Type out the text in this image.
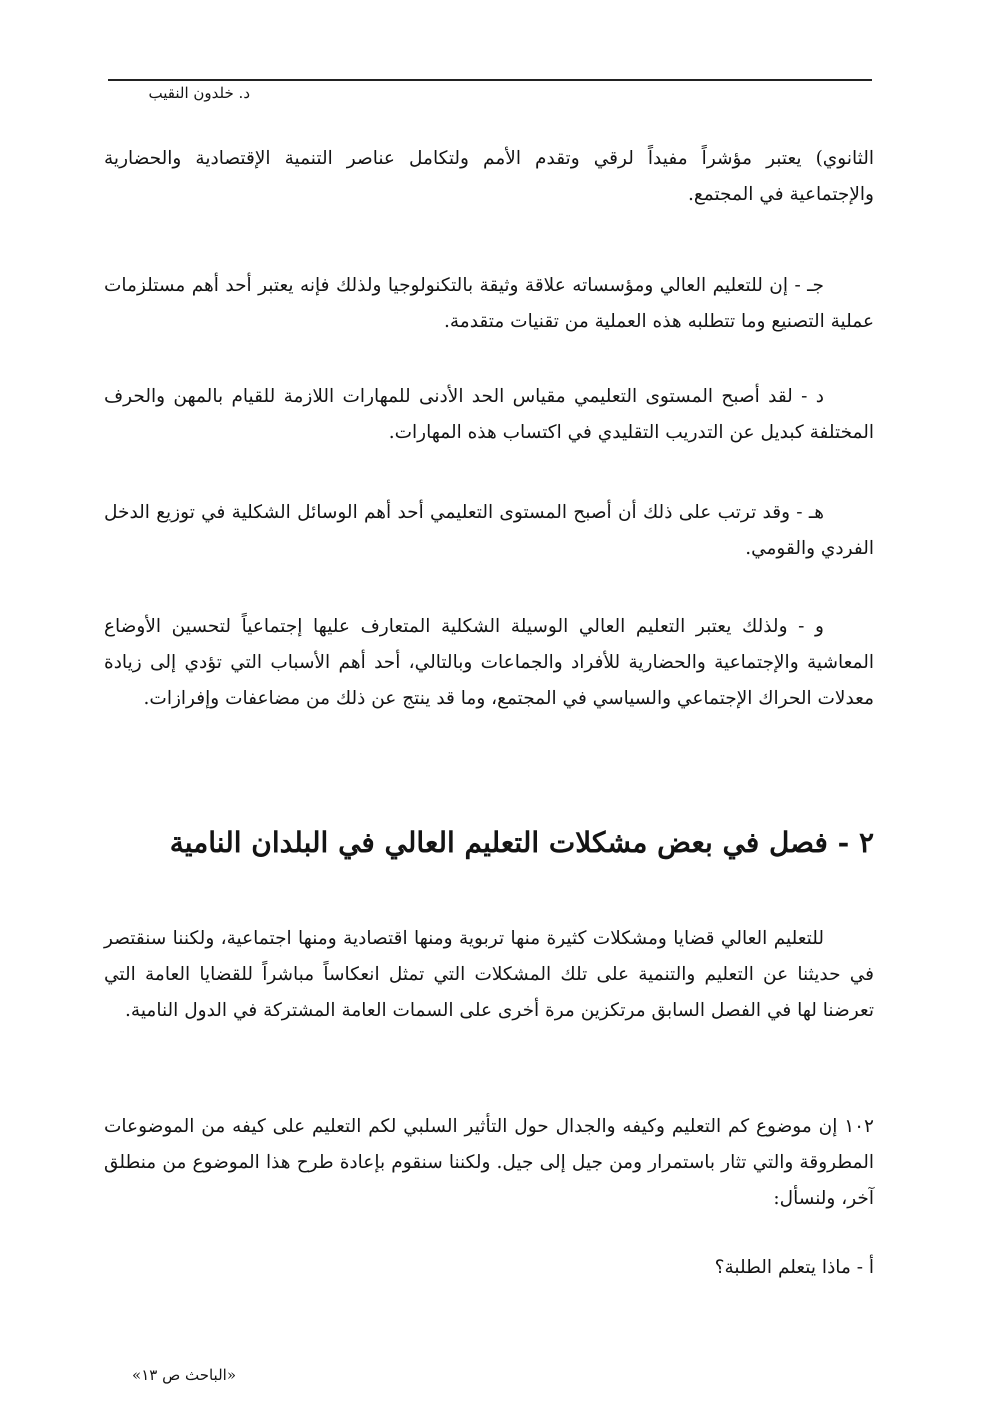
د. خلدون النقيب

الثانوي) يعتبر مؤشراً مفيداً لرقي وتقدم الأمم ولتكامل عناصر التنمية الإقتصادية والحضارية والإجتماعية في المجتمع.

جـ - إن للتعليم العالي ومؤسساته علاقة وثيقة بالتكنولوجيا ولذلك فإنه يعتبر أحد أهم مستلزمات عملية التصنيع وما تتطلبه هذه العملية من تقنيات متقدمة.

د - لقد أصبح المستوى التعليمي مقياس الحد الأدنى للمهارات اللازمة للقيام بالمهن والحرف المختلفة كبديل عن التدريب التقليدي في اكتساب هذه المهارات.

هـ - وقد ترتب على ذلك أن أصبح المستوى التعليمي أحد أهم الوسائل الشكلية في توزيع الدخل الفردي والقومي.

و - ولذلك يعتبر التعليم العالي الوسيلة الشكلية المتعارف عليها إجتماعياً لتحسين الأوضاع المعاشية والإجتماعية والحضارية للأفراد والجماعات وبالتالي، أحد أهم الأسباب التي تؤدي إلى زيادة معدلات الحراك الإجتماعي والسياسي في المجتمع، وما قد ينتج عن ذلك من مضاعفات وإفرازات.

٢ - فصل في بعض مشكلات التعليم العالي في البلدان النامية

للتعليم العالي قضايا ومشكلات كثيرة منها تربوية ومنها اقتصادية ومنها اجتماعية، ولكننا سنقتصر في حديثنا عن التعليم والتنمية على تلك المشكلات التي تمثل انعكاساً مباشراً للقضايا العامة التي تعرضنا لها في الفصل السابق مرتكزين مرة أخرى على السمات العامة المشتركة في الدول النامية.

١٠٢ إن موضوع كم التعليم وكيفه والجدال حول التأثير السلبي لكم التعليم على كيفه من الموضوعات المطروقة والتي تثار باستمرار ومن جيل إلى جيل. ولكننا سنقوم بإعادة طرح هذا الموضوع من منطلق آخر، ولنسأل:

أ - ماذا يتعلم الطلبة؟

«الباحث ص ١٣»
